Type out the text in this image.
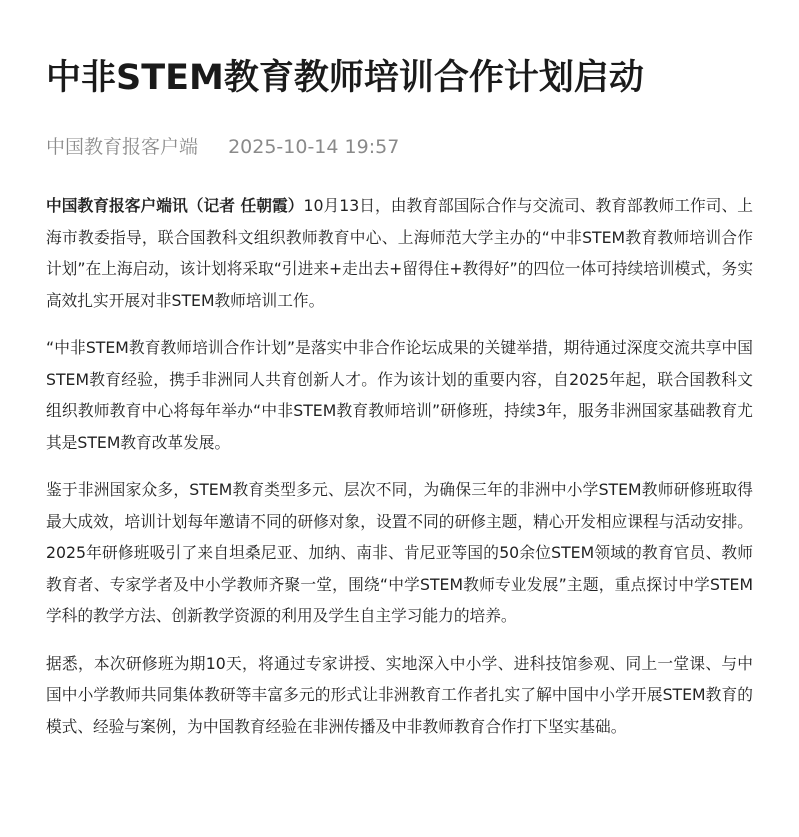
中非STEM教育教师培训合作计划启动
中国教育报客户端 2025-10-14 19:57

中国教育报客户端讯（记者 任朝霞）10月13日，由教育部国际合作与交流司、教育部教师工作司、上海市教委指导，联合国教科文组织教师教育中心、上海师范大学主办的“中非STEM教育教师培训合作计划”在上海启动，该计划将采取“引进来+走出去+留得住+教得好”的四位一体可持续培训模式，务实高效扎实开展对非STEM教师培训工作。

“中非STEM教育教师培训合作计划”是落实中非合作论坛成果的关键举措，期待通过深度交流共享中国STEM教育经验，携手非洲同人共育创新人才。作为该计划的重要内容，自2025年起，联合国教科文组织教师教育中心将每年举办“中非STEM教育教师培训”研修班，持续3年，服务非洲国家基础教育尤其是STEM教育改革发展。

鉴于非洲国家众多，STEM教育类型多元、层次不同，为确保三年的非洲中小学STEM教师研修班取得最大成效，培训计划每年邀请不同的研修对象，设置不同的研修主题，精心开发相应课程与活动安排。2025年研修班吸引了来自坦桑尼亚、加纳、南非、肯尼亚等国的50余位STEM领域的教育官员、教师教育者、专家学者及中小学教师齐聚一堂，围绕“中学STEM教师专业发展”主题，重点探讨中学STEM学科的教学方法、创新教学资源的利用及学生自主学习能力的培养。

据悉，本次研修班为期10天，将通过专家讲授、实地深入中小学、进科技馆参观、同上一堂课、与中国中小学教师共同集体教研等丰富多元的形式让非洲教育工作者扎实了解中国中小学开展STEM教育的模式、经验与案例，为中国教育经验在非洲传播及中非教师教育合作打下坚实基础。
